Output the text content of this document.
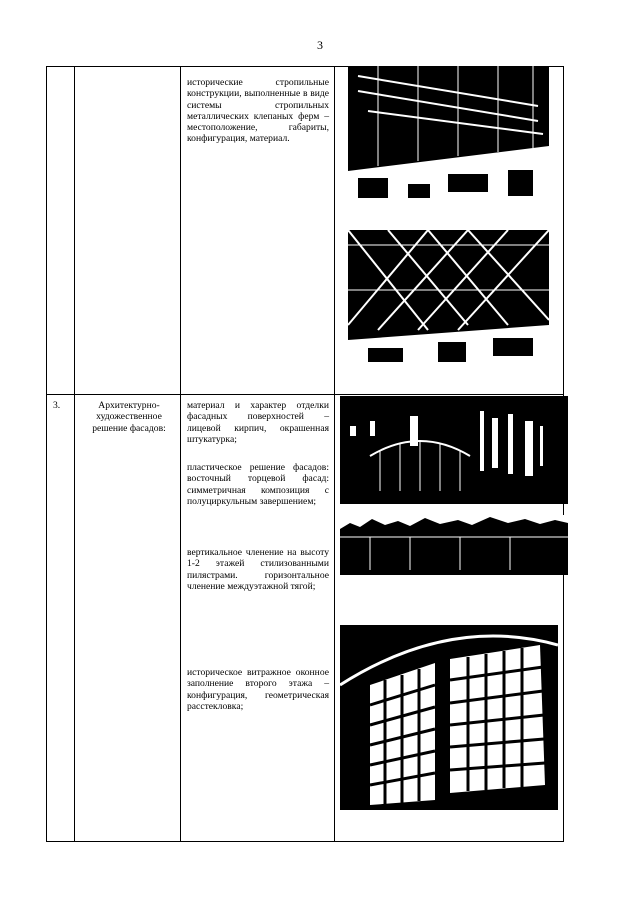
3
исторические стропильные конструкции, выполненные в виде системы стропильных металлических клепаных ферм – местоположение, габариты, конфигурация, материал.
3.	Архитектурно-художественное решение фасадов:
материал и характер отделки фасадных поверхностей – лицевой кирпич, окрашенная штукатурка;
пластическое решение фасадов: восточный торцевой фасад: симметричная композиция с полуциркульным завершением;
вертикальное членение на высоту 1-2 этажей стилизованными пилястрами. горизонтальное членение междуэтажной тягой;
историческое витражное оконное заполнение второго этажа – конфигурация, геометрическая расстекловка;
